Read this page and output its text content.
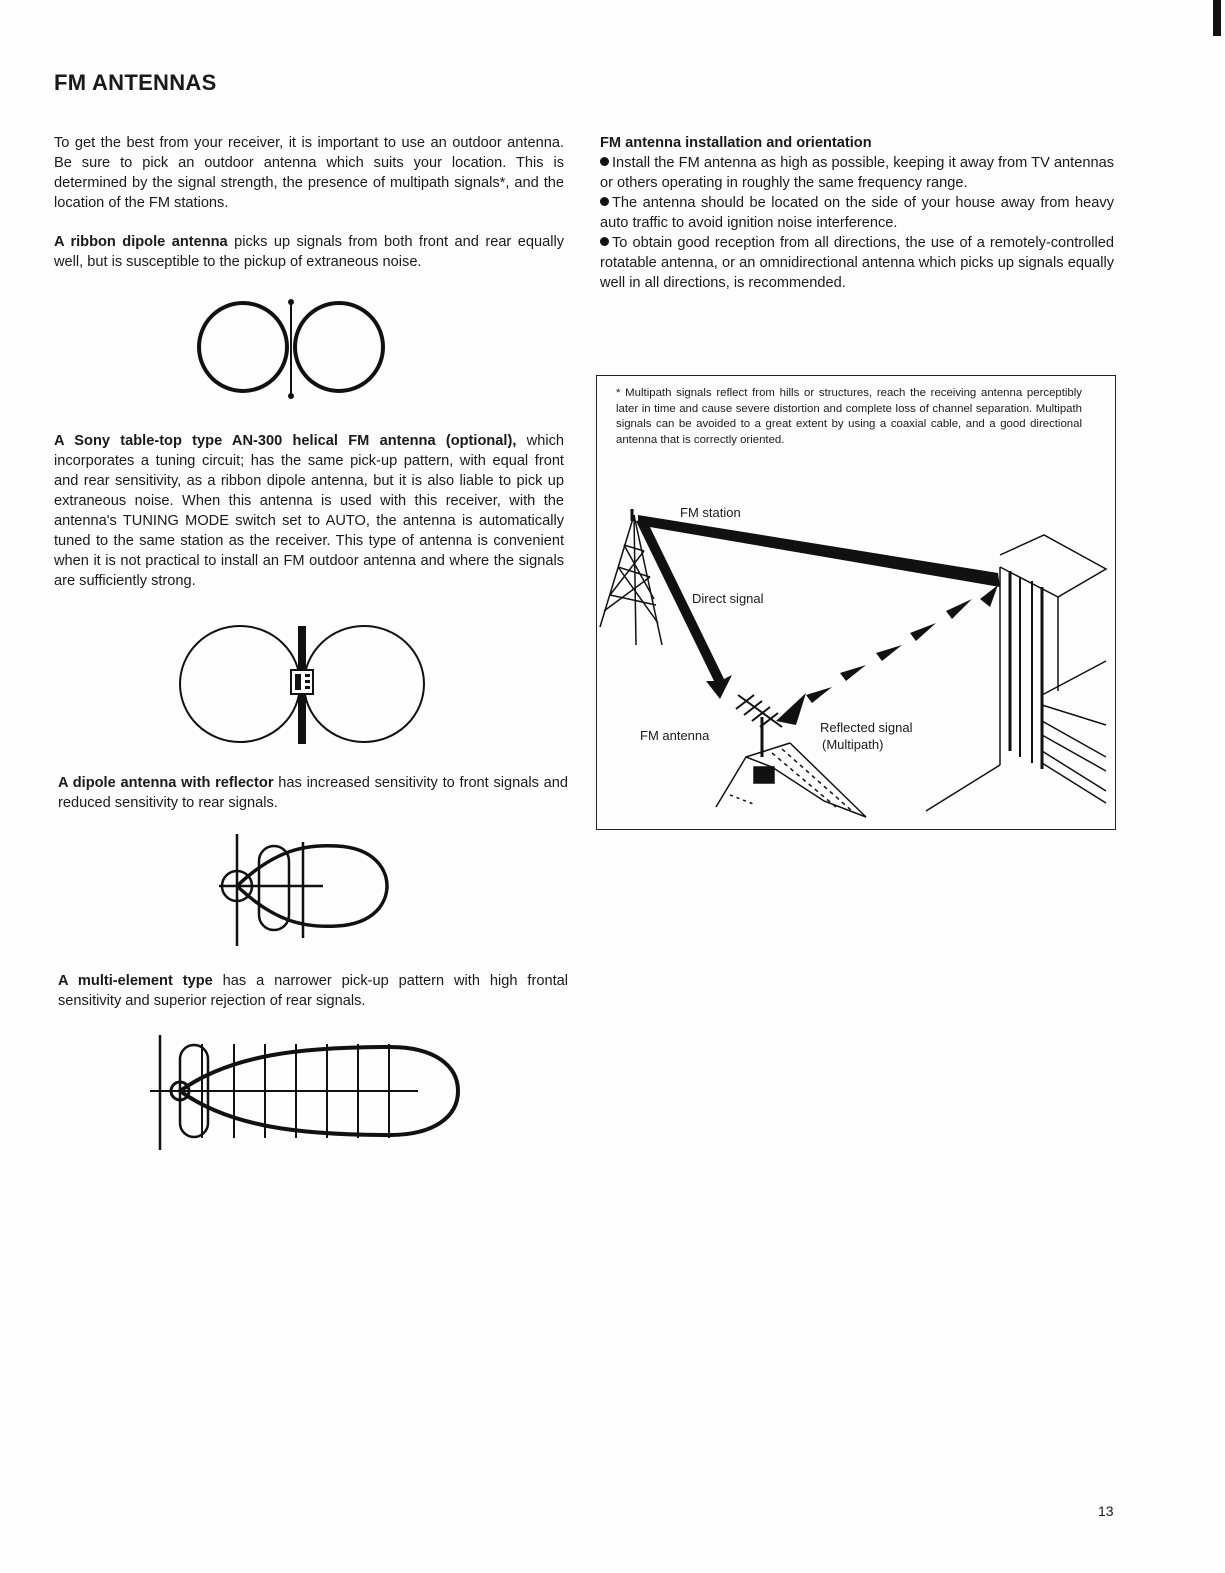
FM ANTENNAS

To get the best from your receiver, it is important to use an outdoor antenna. Be sure to pick an outdoor antenna which suits your location. This is determined by the signal strength, the presence of multipath signals*, and the location of the FM stations.

A ribbon dipole antenna picks up signals from both front and rear equally well, but is susceptible to the pickup of extraneous noise.

A Sony table-top type AN-300 helical FM antenna (optional), which incorporates a tuning circuit; has the same pick-up pattern, with equal front and rear sensitivity, as a ribbon dipole antenna, but it is also liable to pick up extraneous noise. When this antenna is used with this receiver, with the antenna's TUNING MODE switch set to AUTO, the antenna is automatically tuned to the same station as the receiver. This type of antenna is convenient when it is not practical to install an FM outdoor antenna and where the signals are sufficiently strong.

A dipole antenna with reflector has increased sensitivity to front signals and reduced sensitivity to rear signals.

A multi-element type has a narrower pick-up pattern with high frontal sensitivity and superior rejection of rear signals.

FM antenna installation and orientation
Install the FM antenna as high as possible, keeping it away from TV antennas or others operating in roughly the same frequency range.
The antenna should be located on the side of your house away from heavy auto traffic to avoid ignition noise interference.
To obtain good reception from all directions, the use of a remotely-controlled rotatable antenna, or an omnidirectional antenna which picks up signals equally well in all directions, is recommended.

* Multipath signals reflect from hills or structures, reach the receiving antenna perceptibly later in time and cause severe distortion and complete loss of channel separation. Multipath signals can be avoided to a great extent by using a coaxial cable, and a good directional antenna that is correctly oriented.

FM station
Direct signal
FM antenna
Reflected signal
(Multipath)
13
